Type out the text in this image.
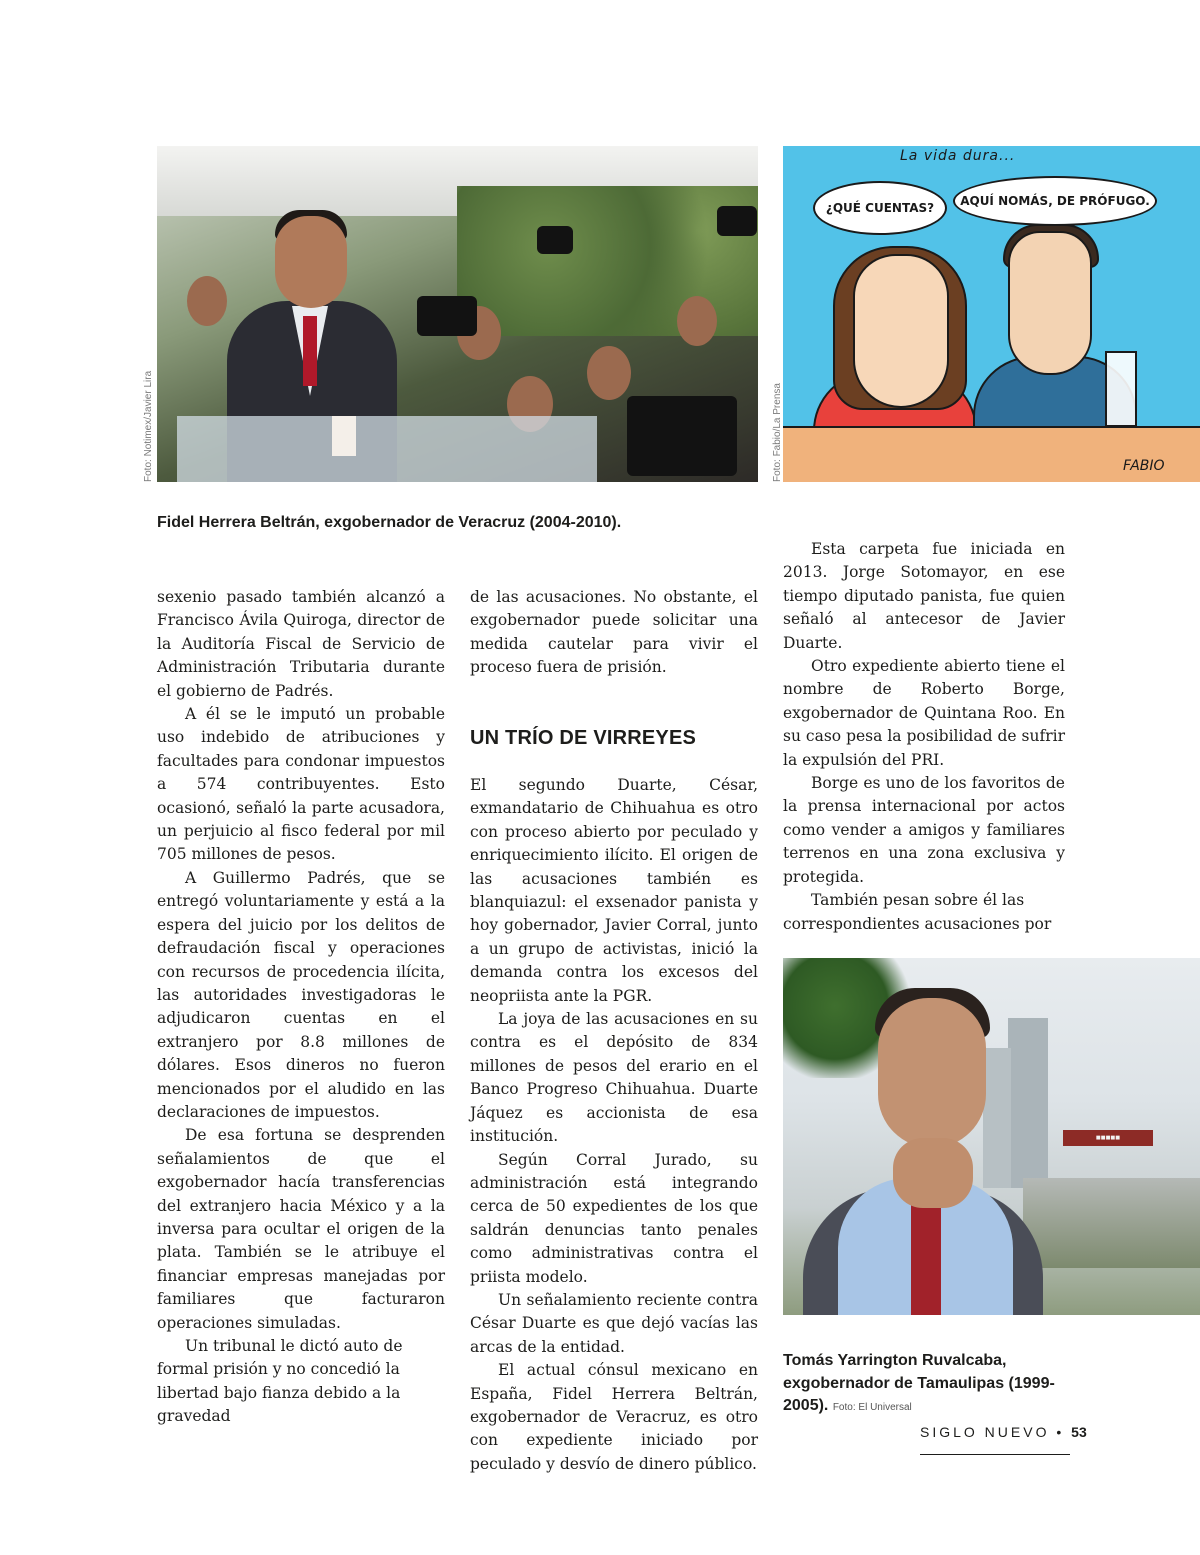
Foto: Notimex/Javier Lira
La vida dura...
¿QUÉ CUENTAS?	AQUÍ NOMÁS, DE PRÓFUGO.
FABIO
Foto: Fabio/La Prensa
Fidel Herrera Beltrán, exgobernador de Veracruz (2004-2010).

sexenio pasado también alcanzó a Francisco Ávila Quiroga, director de la Auditoría Fiscal de Servicio de Administración Tributaria durante el gobierno de Padrés.

A él se le imputó un probable uso indebido de atribuciones y facultades para condonar impuestos a 574 contribuyentes. Esto ocasionó, señaló la parte acusadora, un perjuicio al fisco federal por mil 705 millones de pesos.

A Guillermo Padrés, que se entregó voluntariamente y está a la espera del juicio por los delitos de defraudación fiscal y operaciones con recursos de procedencia ilícita, las autoridades investigadoras le adjudicaron cuentas en el extranjero por 8.8 millones de dólares. Esos dineros no fueron mencionados por el aludido en las declaraciones de impuestos.

De esa fortuna se desprenden señalamientos de que el exgobernador hacía transferencias del extranjero hacia México y a la inversa para ocultar el origen de la plata. También se le atribuye el financiar empresas manejadas por familiares que facturaron operaciones simuladas.

Un tribunal le dictó auto de formal prisión y no concedió la libertad bajo fianza debido a la gravedad

de las acusaciones. No obstante, el exgobernador puede solicitar una medida cautelar para vivir el proceso fuera de prisión.

UN TRÍO DE VIRREYES

El segundo Duarte, César, exmandatario de Chihuahua es otro con proceso abierto por peculado y enriquecimiento ilícito. El origen de las acusaciones también es blanquiazul: el exsenador panista y hoy gobernador, Javier Corral, junto a un grupo de activistas, inició la demanda contra los excesos del neopriista ante la PGR.

La joya de las acusaciones en su contra es el depósito de 834 millones de pesos del erario en el Banco Progreso Chihuahua. Duarte Jáquez es accionista de esa institución.

Según Corral Jurado, su administración está integrando cerca de 50 expedientes de los que saldrán denuncias tanto penales como administrativas contra el priista modelo.

Un señalamiento reciente contra César Duarte es que dejó vacías las arcas de la entidad.

El actual cónsul mexicano en España, Fidel Herrera Beltrán, exgobernador de Veracruz, es otro con expediente iniciado por peculado y desvío de dinero público.

Esta carpeta fue iniciada en 2013. Jorge Sotomayor, en ese tiempo diputado panista, fue quien señaló al antecesor de Javier Duarte.

Otro expediente abierto tiene el nombre de Roberto Borge, exgobernador de Quintana Roo. En su caso pesa la posibilidad de sufrir la expulsión del PRI.

Borge es uno de los favoritos de la prensa internacional por actos como vender a amigos y familiares terrenos en una zona exclusiva y protegida.

También pesan sobre él las correspondientes acusaciones por

■■■■■
Tomás Yarrington Ruvalcaba, exgobernador de Tamaulipas (1999-2005). Foto: El Universal
SIGLO NUEVO • 53
